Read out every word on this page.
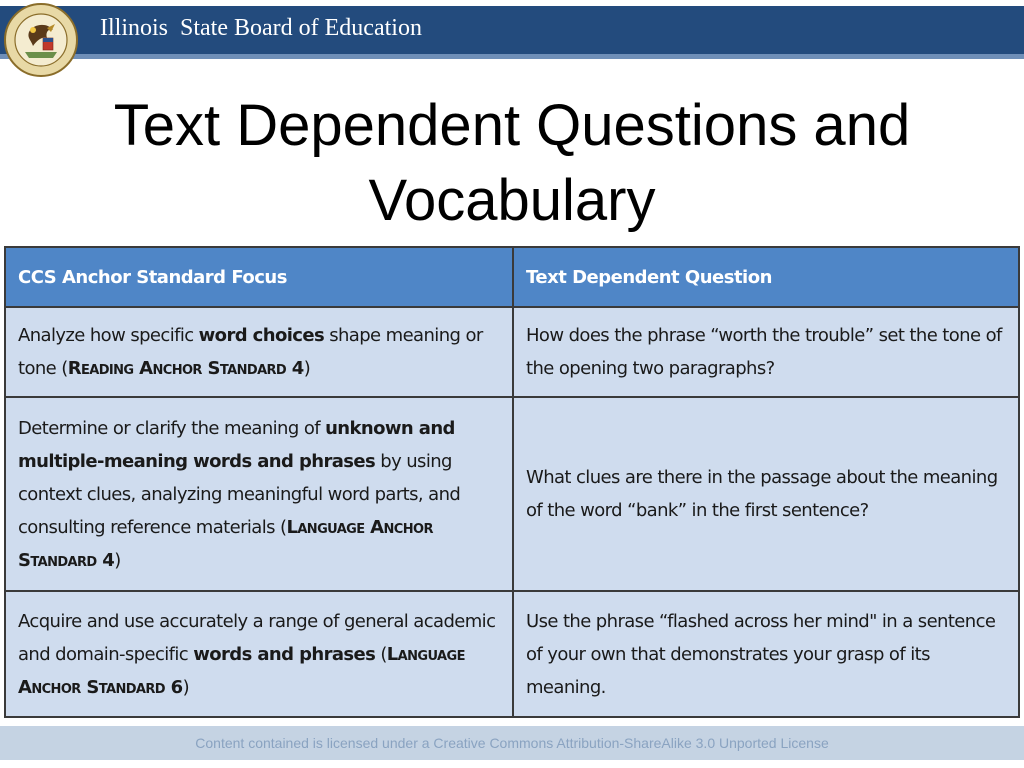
Illinois  State Board of Education
Text Dependent Questions and
Vocabulary
CCS Anchor Standard Focus	Text Dependent Question
Analyze how specific word choices shape meaning or tone (Reading Anchor Standard 4)	How does the phrase “worth the trouble” set the tone of the opening two paragraphs?
Determine or clarify the meaning of unknown and multiple-meaning words and phrases by using context clues, analyzing meaningful word parts, and consulting reference materials (Language Anchor Standard 4)	What clues are there in the passage about the meaning of the word “bank” in the first sentence?
Acquire and use accurately a range of general academic and domain-specific words and phrases (Language Anchor Standard 6)	Use the phrase “flashed across her mind" in a sentence of your own that demonstrates your grasp of its meaning.
Content contained is licensed under a Creative Commons Attribution-ShareAlike 3.0 Unported License
